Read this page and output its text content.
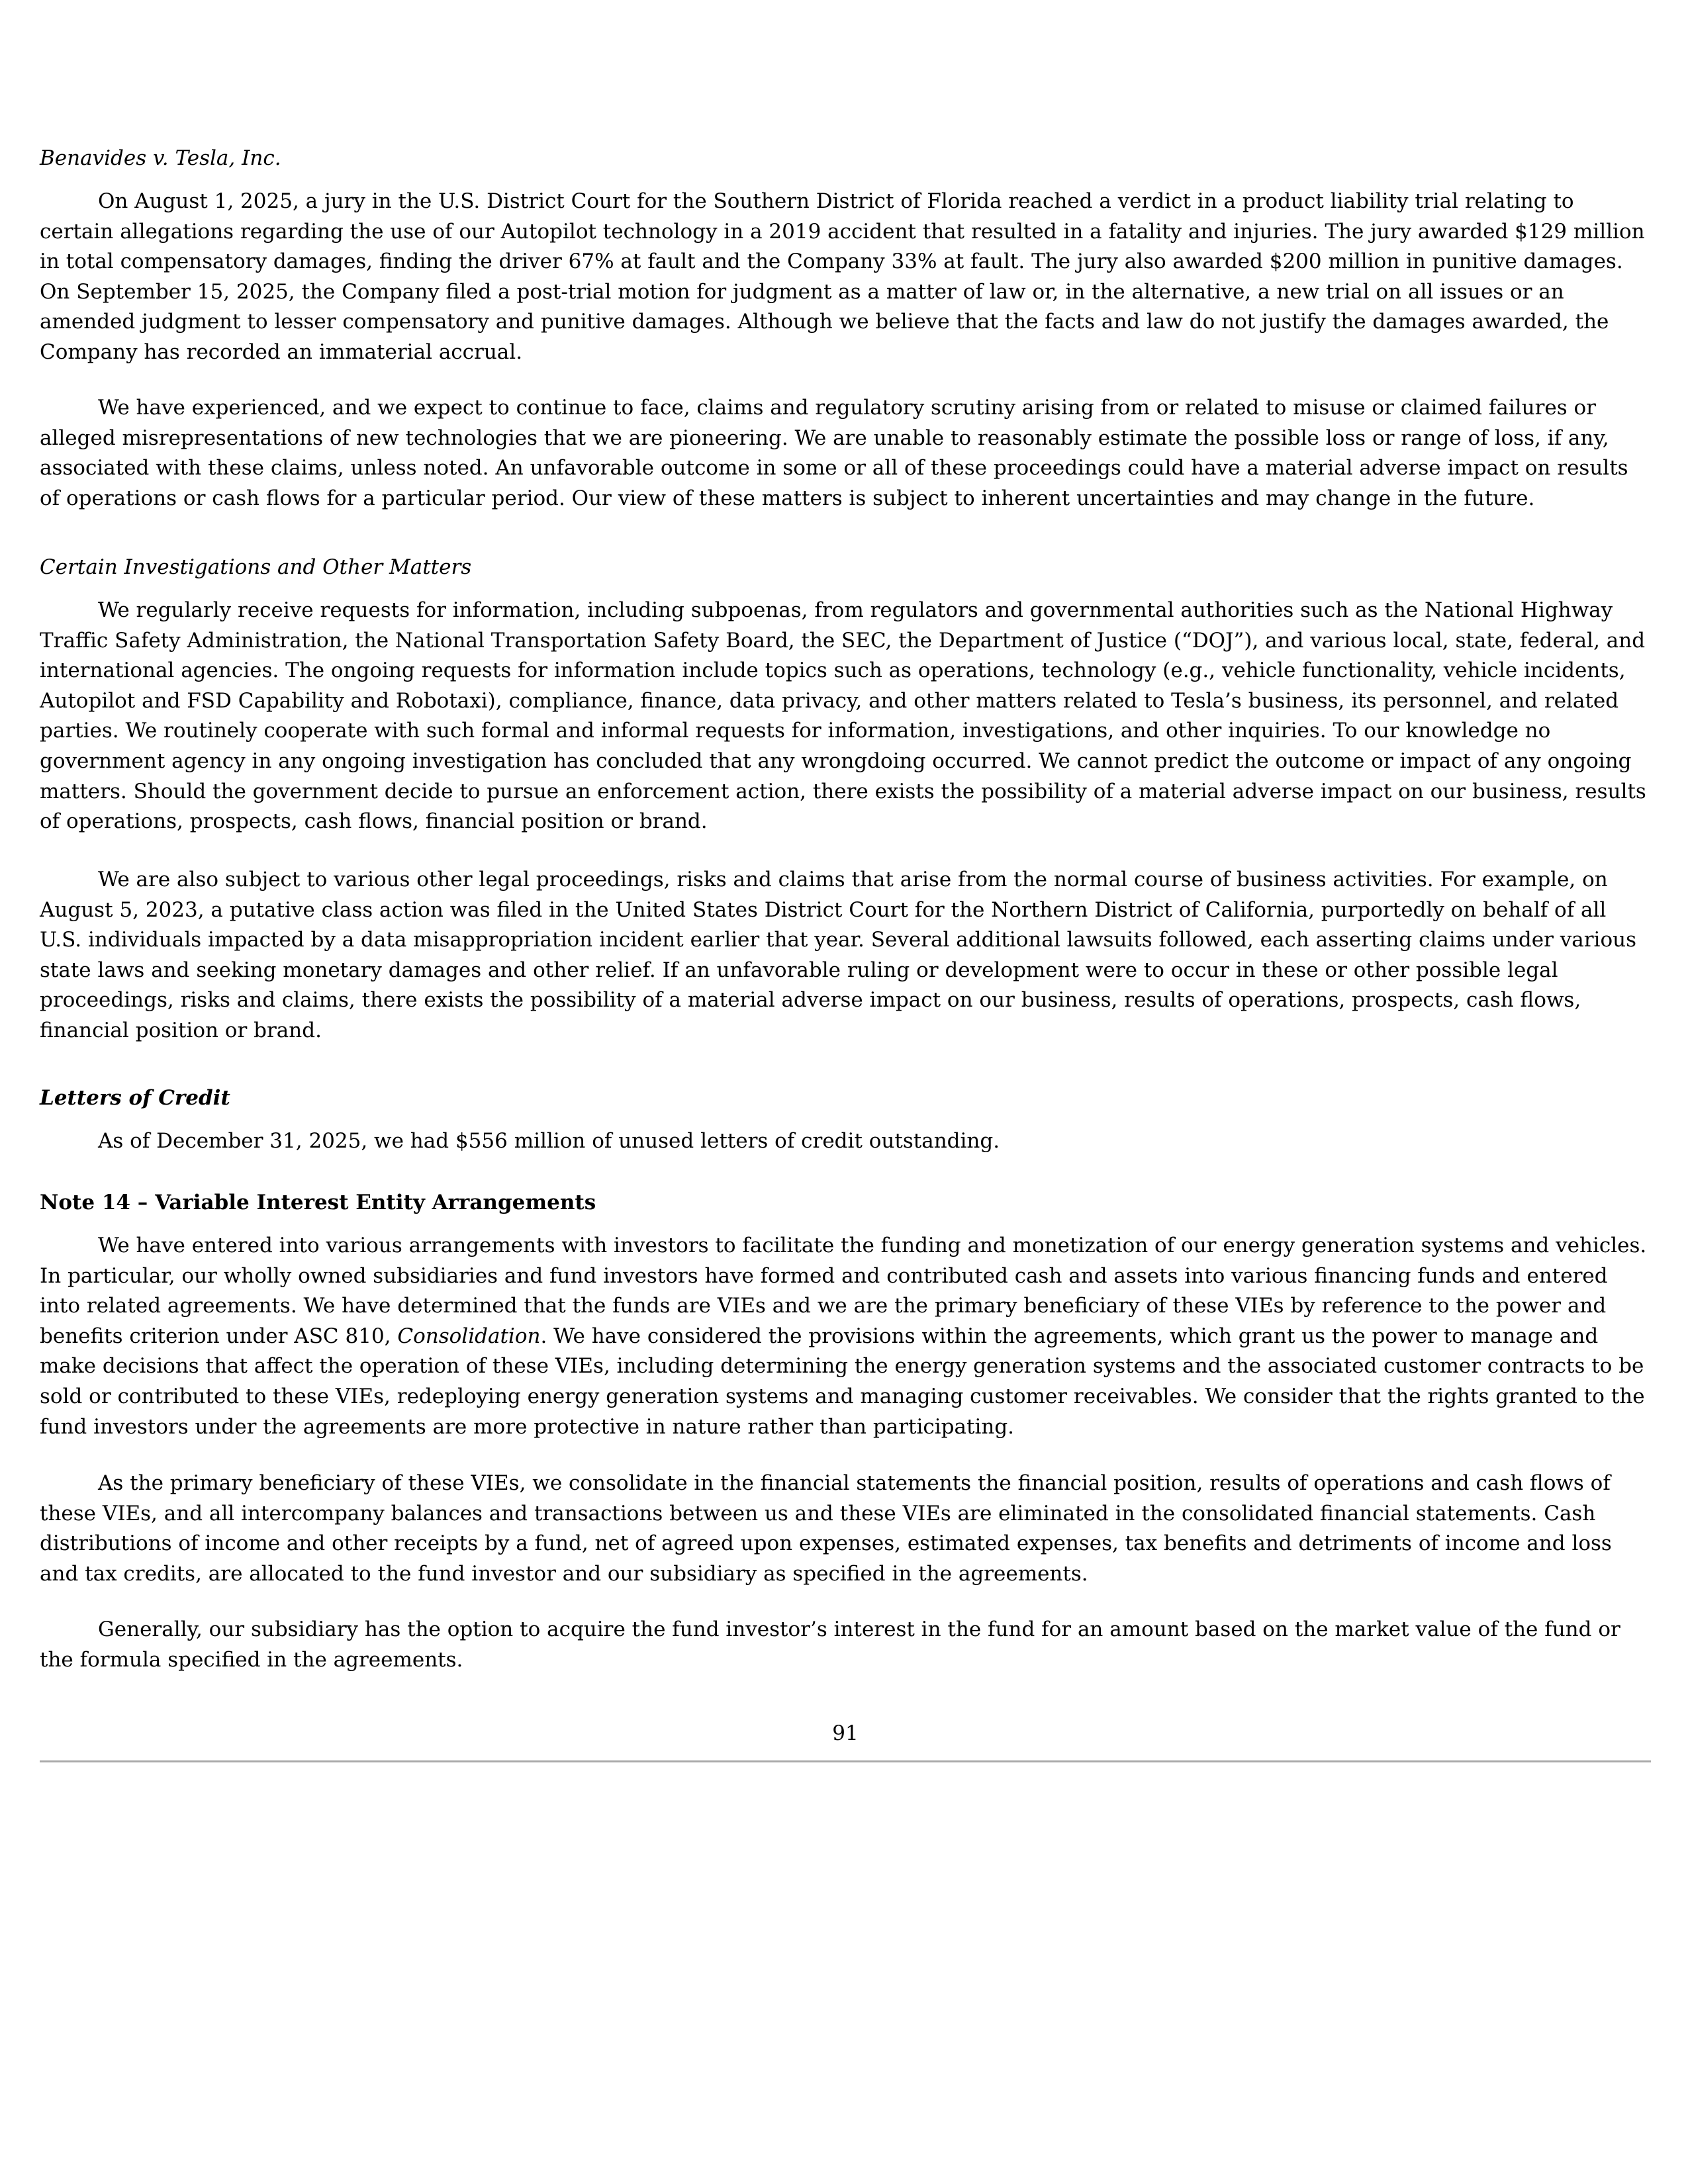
Benavides v. Tesla, Inc.

On August 1, 2025, a jury in the U.S. District Court for the Southern District of Florida reached a verdict in a product liability trial relating to certain allegations regarding the use of our Autopilot technology in a 2019 accident that resulted in a fatality and injuries. The jury awarded $129 million in total compensatory damages, finding the driver 67% at fault and the Company 33% at fault. The jury also awarded $200 million in punitive damages. On September 15, 2025, the Company filed a post-trial motion for judgment as a matter of law or, in the alternative, a new trial on all issues or an amended judgment to lesser compensatory and punitive damages. Although we believe that the facts and law do not justify the damages awarded, the Company has recorded an immaterial accrual.

We have experienced, and we expect to continue to face, claims and regulatory scrutiny arising from or related to misuse or claimed failures or alleged misrepresentations of new technologies that we are pioneering. We are unable to reasonably estimate the possible loss or range of loss, if any, associated with these claims, unless noted. An unfavorable outcome in some or all of these proceedings could have a material adverse impact on results of operations or cash flows for a particular period. Our view of these matters is subject to inherent uncertainties and may change in the future.

Certain Investigations and Other Matters

We regularly receive requests for information, including subpoenas, from regulators and governmental authorities such as the National Highway Traffic Safety Administration, the National Transportation Safety Board, the SEC, the Department of Justice (“DOJ”), and various local, state, federal, and international agencies. The ongoing requests for information include topics such as operations, technology (e.g., vehicle functionality, vehicle incidents, Autopilot and FSD Capability and Robotaxi), compliance, finance, data privacy, and other matters related to Tesla’s business, its personnel, and related parties. We routinely cooperate with such formal and informal requests for information, investigations, and other inquiries. To our knowledge no government agency in any ongoing investigation has concluded that any wrongdoing occurred. We cannot predict the outcome or impact of any ongoing matters. Should the government decide to pursue an enforcement action, there exists the possibility of a material adverse impact on our business, results of operations, prospects, cash flows, financial position or brand.

We are also subject to various other legal proceedings, risks and claims that arise from the normal course of business activities. For example, on August 5, 2023, a putative class action was filed in the United States District Court for the Northern District of California, purportedly on behalf of all U.S. individuals impacted by a data misappropriation incident earlier that year. Several additional lawsuits followed, each asserting claims under various state laws and seeking monetary damages and other relief. If an unfavorable ruling or development were to occur in these or other possible legal proceedings, risks and claims, there exists the possibility of a material adverse impact on our business, results of operations, prospects, cash flows, financial position or brand.

Letters of Credit

As of December 31, 2025, we had $556 million of unused letters of credit outstanding.

Note 14 – Variable Interest Entity Arrangements

We have entered into various arrangements with investors to facilitate the funding and monetization of our energy generation systems and vehicles. In particular, our wholly owned subsidiaries and fund investors have formed and contributed cash and assets into various financing funds and entered into related agreements. We have determined that the funds are VIEs and we are the primary beneficiary of these VIEs by reference to the power and benefits criterion under ASC 810, Consolidation. We have considered the provisions within the agreements, which grant us the power to manage and make decisions that affect the operation of these VIEs, including determining the energy generation systems and the associated customer contracts to be sold or contributed to these VIEs, redeploying energy generation systems and managing customer receivables. We consider that the rights granted to the fund investors under the agreements are more protective in nature rather than participating.

As the primary beneficiary of these VIEs, we consolidate in the financial statements the financial position, results of operations and cash flows of these VIEs, and all intercompany balances and transactions between us and these VIEs are eliminated in the consolidated financial statements. Cash distributions of income and other receipts by a fund, net of agreed upon expenses, estimated expenses, tax benefits and detriments of income and loss and tax credits, are allocated to the fund investor and our subsidiary as specified in the agreements.

Generally, our subsidiary has the option to acquire the fund investor’s interest in the fund for an amount based on the market value of the fund or the formula specified in the agreements.

91
